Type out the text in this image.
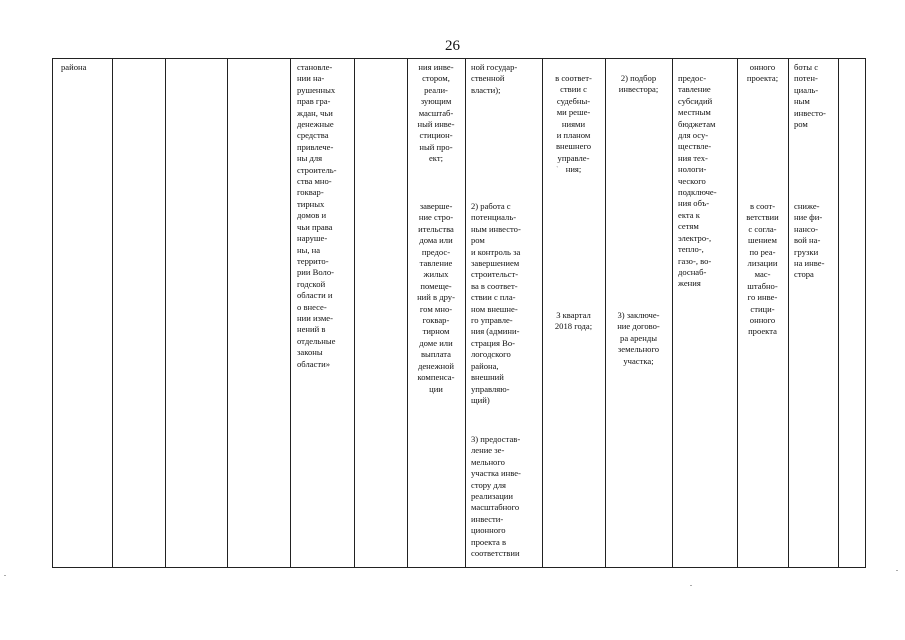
26
района	становле-
нии на-
рушенных
прав гра-
ждан, чьи
денежные
средства
привлече-
ны для
строитель-
ства мно-
гоквар-
тирных
домов и
чьи права
наруше-
ны, на
террито-
рии Воло-
годской
области и
о внесе-
нии изме-
нений в
отдельные
законы
области»
ния инве-
стором,
реали-
зующим
масштаб-
ный инве-
стицион-
ный про-
ект;
заверше-
ние стро-
ительства
дома или
предос-
тавление
жилых
помеще-
ний в дру-
гом мно-
гоквар-
тирном
доме или
выплата
денежной
компенса-
ции
ной государ-
ственной
власти);
2) работа с
потенциаль-
ным инвесто-
ром
и контроль за
завершением
строительст-
ва в соответ-
ствии с пла-
ном внешне-
го управле-
ния (админи-
страция Во-
логодского
района,
внешний
управляю-
щий)
3) предостав-
ление зе-
мельного
участка инве-
стору для
реализации
масштабного
инвести-
ционного
проекта в
соответствии
в соответ-
ствии с
судебны-
ми реше-
ниями
и планом
внешнего
управле-
ния;
3 квартал
2018 года;
2) подбор
инвестора;
3) заключе-
ние догово-
ра аренды
земельного
участка;
предос-
тавление
субсидий
местным
бюджетам
для осу-
ществле-
ния тех-
нологи-
ческого
подключе-
ния объ-
екта к
сетям
электро-,
тепло-,
газо-, во-
доснаб-
жения
онного
проекта;
в соот-
ветствии
с согла-
шением
по реа-
лизации
мас-
штабно-
го инве-
стици-
онного
проекта
боты с
потен-
циаль-
ным
инвесто-
ром
сниже-
ние фи-
нансо-
вой на-
грузки
на инве-
стора
`
